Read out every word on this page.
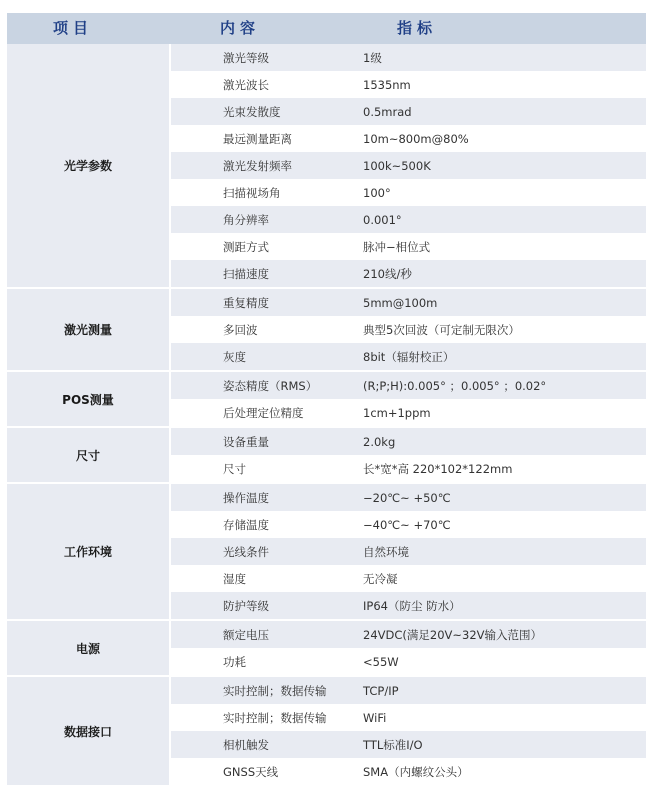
项目	内容	指标
光学参数
激光等级	1级
激光波长	1535nm
光束发散度	0.5mrad
最远测量距离	10m~800m@80%
激光发射频率	100k~500K
扫描视场角	100°
角分辨率	0.001°
测距方式	脉冲−相位式
扫描速度	210线/秒
激光测量
重复精度	5mm@100m
多回波	典型5次回波（可定制无限次）
灰度	8bit（辐射校正）
POS测量
姿态精度（RMS）	(R;P;H):0.005° ；0.005° ；0.02°
后处理定位精度	1cm+1ppm
尺寸
设备重量	2.0kg
尺寸	长*宽*高 220*102*122mm
工作环境
操作温度	−20℃~ +50℃
存储温度	−40℃~ +70℃
光线条件	自然环境
湿度	无冷凝
防护等级	IP64（防尘 防水）
电源
额定电压	24VDC(满足20V~32V输入范围）
功耗	<55W
数据接口
实时控制；数据传输	TCP/IP
实时控制；数据传输	WiFi
相机触发	TTL标准I/O
GNSS天线	SMA（内螺纹公头）
